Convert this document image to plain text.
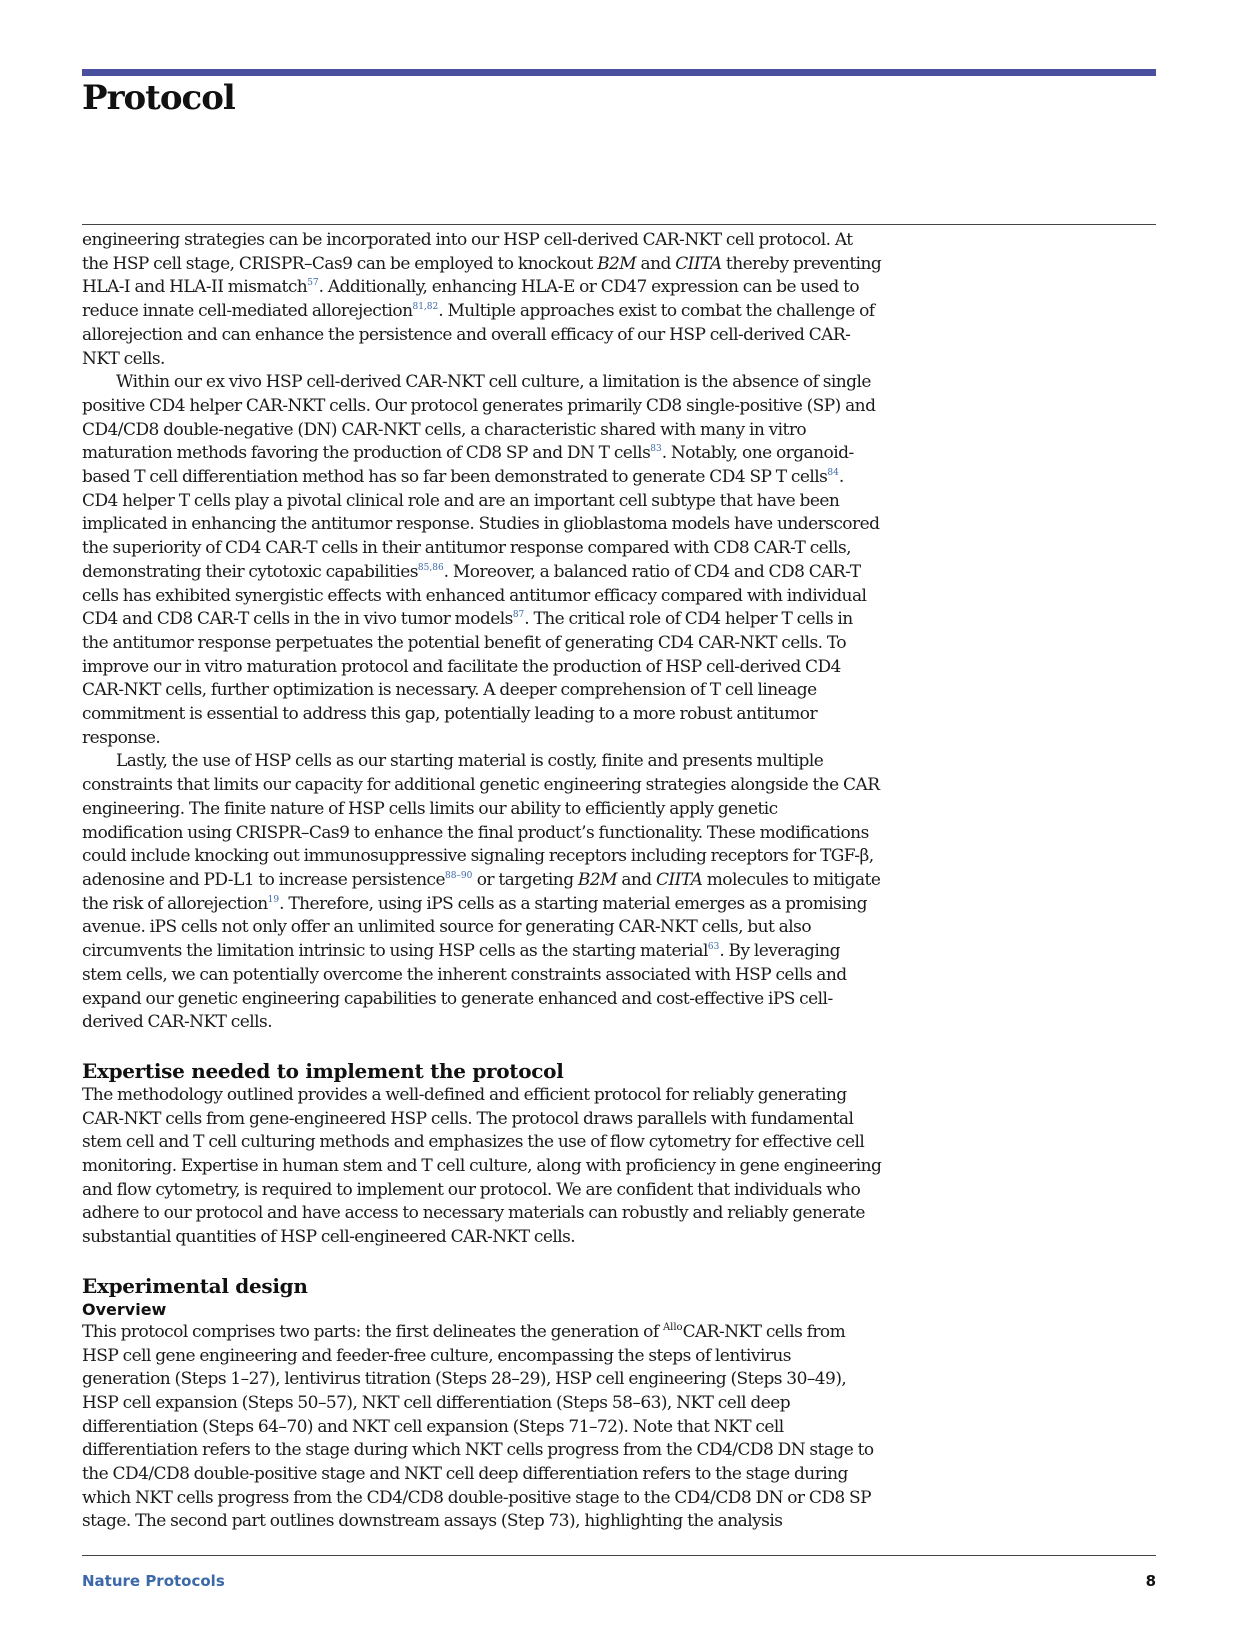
Protocol

engineering strategies can be incorporated into our HSP cell-derived CAR-NKT cell protocol. At the HSP cell stage, CRISPR–Cas9 can be employed to knockout B2M and CIITA thereby preventing HLA-I and HLA-II mismatch$^{57}$. Additionally, enhancing HLA-E or CD47 expression can be used to reduce innate cell-mediated allorejection$^{81,82}$. Multiple approaches exist to combat the challenge of allorejection and can enhance the persistence and overall efficacy of our HSP cell-derived CAR-NKT cells.

Within our ex vivo HSP cell-derived CAR-NKT cell culture, a limitation is the absence of single positive CD4 helper CAR-NKT cells. Our protocol generates primarily CD8 single-positive (SP) and CD4/CD8 double-negative (DN) CAR-NKT cells, a characteristic shared with many in vitro maturation methods favoring the production of CD8 SP and DN T cells$^{83}$. Notably, one organoid-based T cell differentiation method has so far been demonstrated to generate CD4 SP T cells$^{84}$. CD4 helper T cells play a pivotal clinical role and are an important cell subtype that have been implicated in enhancing the antitumor response. Studies in glioblastoma models have underscored the superiority of CD4 CAR-T cells in their antitumor response compared with CD8 CAR-T cells, demonstrating their cytotoxic capabilities$^{85,86}$. Moreover, a balanced ratio of CD4 and CD8 CAR-T cells has exhibited synergistic effects with enhanced antitumor efficacy compared with individual CD4 and CD8 CAR-T cells in the in vivo tumor models$^{87}$. The critical role of CD4 helper T cells in the antitumor response perpetuates the potential benefit of generating CD4 CAR-NKT cells. To improve our in vitro maturation protocol and facilitate the production of HSP cell-derived CD4 CAR-NKT cells, further optimization is necessary. A deeper comprehension of T cell lineage commitment is essential to address this gap, potentially leading to a more robust antitumor response.

Lastly, the use of HSP cells as our starting material is costly, finite and presents multiple constraints that limits our capacity for additional genetic engineering strategies alongside the CAR engineering. The finite nature of HSP cells limits our ability to efficiently apply genetic modification using CRISPR–Cas9 to enhance the final product’s functionality. These modifications could include knocking out immunosuppressive signaling receptors including receptors for TGF-β, adenosine and PD-L1 to increase persistence$^{88-90}$ or targeting B2M and CIITA molecules to mitigate the risk of allorejection$^{19}$. Therefore, using iPS cells as a starting material emerges as a promising avenue. iPS cells not only offer an unlimited source for generating CAR-NKT cells, but also circumvents the limitation intrinsic to using HSP cells as the starting material$^{63}$. By leveraging stem cells, we can potentially overcome the inherent constraints associated with HSP cells and expand our genetic engineering capabilities to generate enhanced and cost-effective iPS cell-derived CAR-NKT cells.

Expertise needed to implement the protocol

The methodology outlined provides a well-defined and efficient protocol for reliably generating CAR-NKT cells from gene-engineered HSP cells. The protocol draws parallels with fundamental stem cell and T cell culturing methods and emphasizes the use of flow cytometry for effective cell monitoring. Expertise in human stem and T cell culture, along with proficiency in gene engineering and flow cytometry, is required to implement our protocol. We are confident that individuals who adhere to our protocol and have access to necessary materials can robustly and reliably generate substantial quantities of HSP cell-engineered CAR-NKT cells.

Experimental design
Overview

This protocol comprises two parts: the first delineates the generation of $^{Allo}$CAR-NKT cells from HSP cell gene engineering and feeder-free culture, encompassing the steps of lentivirus generation (Steps 1–27), lentivirus titration (Steps 28–29), HSP cell engineering (Steps 30–49), HSP cell expansion (Steps 50–57), NKT cell differentiation (Steps 58–63), NKT cell deep differentiation (Steps 64–70) and NKT cell expansion (Steps 71–72). Note that NKT cell differentiation refers to the stage during which NKT cells progress from the CD4/CD8 DN stage to the CD4/CD8 double-positive stage and NKT cell deep differentiation refers to the stage during which NKT cells progress from the CD4/CD8 double-positive stage to the CD4/CD8 DN or CD8 SP stage. The second part outlines downstream assays (Step 73), highlighting the analysis

Nature Protocols	8
